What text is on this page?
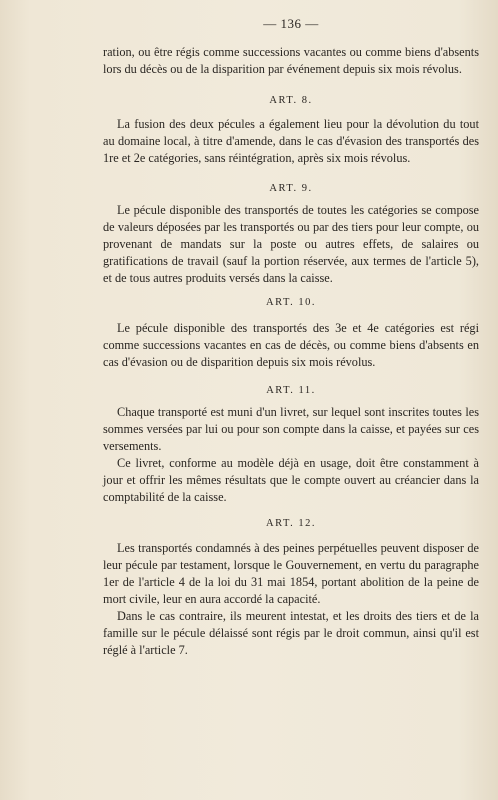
— 136 —

ration, ou être régis comme successions vacantes ou comme biens d'absents lors du décès ou de la disparition par événement depuis six mois révolus.

ART. 8.

La fusion des deux pécules a également lieu pour la dévolution du tout au domaine local, à titre d'amende, dans le cas d'évasion des transportés des 1re et 2e catégories, sans réintégration, après six mois révolus.

ART. 9.

Le pécule disponible des transportés de toutes les catégories se compose de valeurs déposées par les transportés ou par des tiers pour leur compte, ou provenant de mandats sur la poste ou autres effets, de salaires ou gratifications de travail (sauf la portion réservée, aux termes de l'article 5), et de tous autres produits versés dans la caisse.

ART. 10.

Le pécule disponible des transportés des 3e et 4e catégories est régi comme successions vacantes en cas de décès, ou comme biens d'absents en cas d'évasion ou de disparition depuis six mois révolus.

ART. 11.

Chaque transporté est muni d'un livret, sur lequel sont inscrites toutes les sommes versées par lui ou pour son compte dans la caisse, et payées sur ces versements.

Ce livret, conforme au modèle déjà en usage, doit être constamment à jour et offrir les mêmes résultats que le compte ouvert au créancier dans la comptabilité de la caisse.

ART. 12.

Les transportés condamnés à des peines perpétuelles peuvent disposer de leur pécule par testament, lorsque le Gouvernement, en vertu du paragraphe 1er de l'article 4 de la loi du 31 mai 1854, portant abolition de la peine de mort civile, leur en aura accordé la capacité.

Dans le cas contraire, ils meurent intestat, et les droits des tiers et de la famille sur le pécule délaissé sont régis par le droit commun, ainsi qu'il est réglé à l'article 7.
